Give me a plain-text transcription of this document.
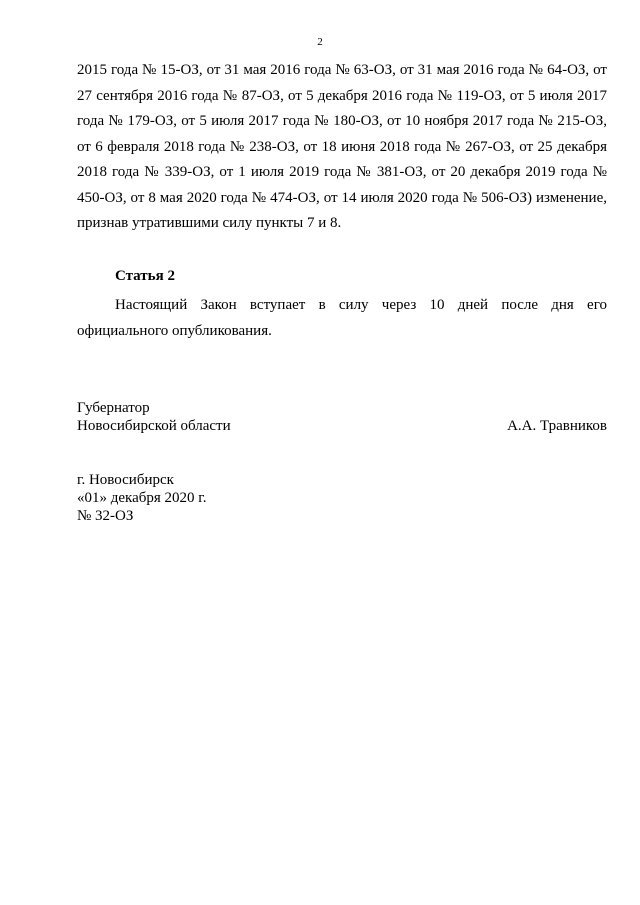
2
2015 года № 15-ОЗ, от 31 мая 2016 года № 63-ОЗ, от 31 мая 2016 года № 64-ОЗ, от 27 сентября 2016 года № 87-ОЗ, от 5 декабря 2016 года № 119-ОЗ, от 5 июля 2017 года № 179-ОЗ, от 5 июля 2017 года № 180-ОЗ, от 10 ноября 2017 года № 215-ОЗ, от 6 февраля 2018 года № 238-ОЗ, от 18 июня 2018 года № 267-ОЗ, от 25 декабря 2018 года № 339-ОЗ, от 1 июля 2019 года № 381-ОЗ, от 20 декабря 2019 года № 450-ОЗ, от 8 мая 2020 года № 474-ОЗ, от 14 июля 2020 года № 506-ОЗ) изменение, признав утратившими силу пункты 7 и 8.
Статья 2
Настоящий Закон вступает в силу через 10 дней после дня его официального опубликования.
Губернатор
Новосибирской области	А.А. Травников
г. Новосибирск
«01» декабря 2020 г.
№ 32-ОЗ
